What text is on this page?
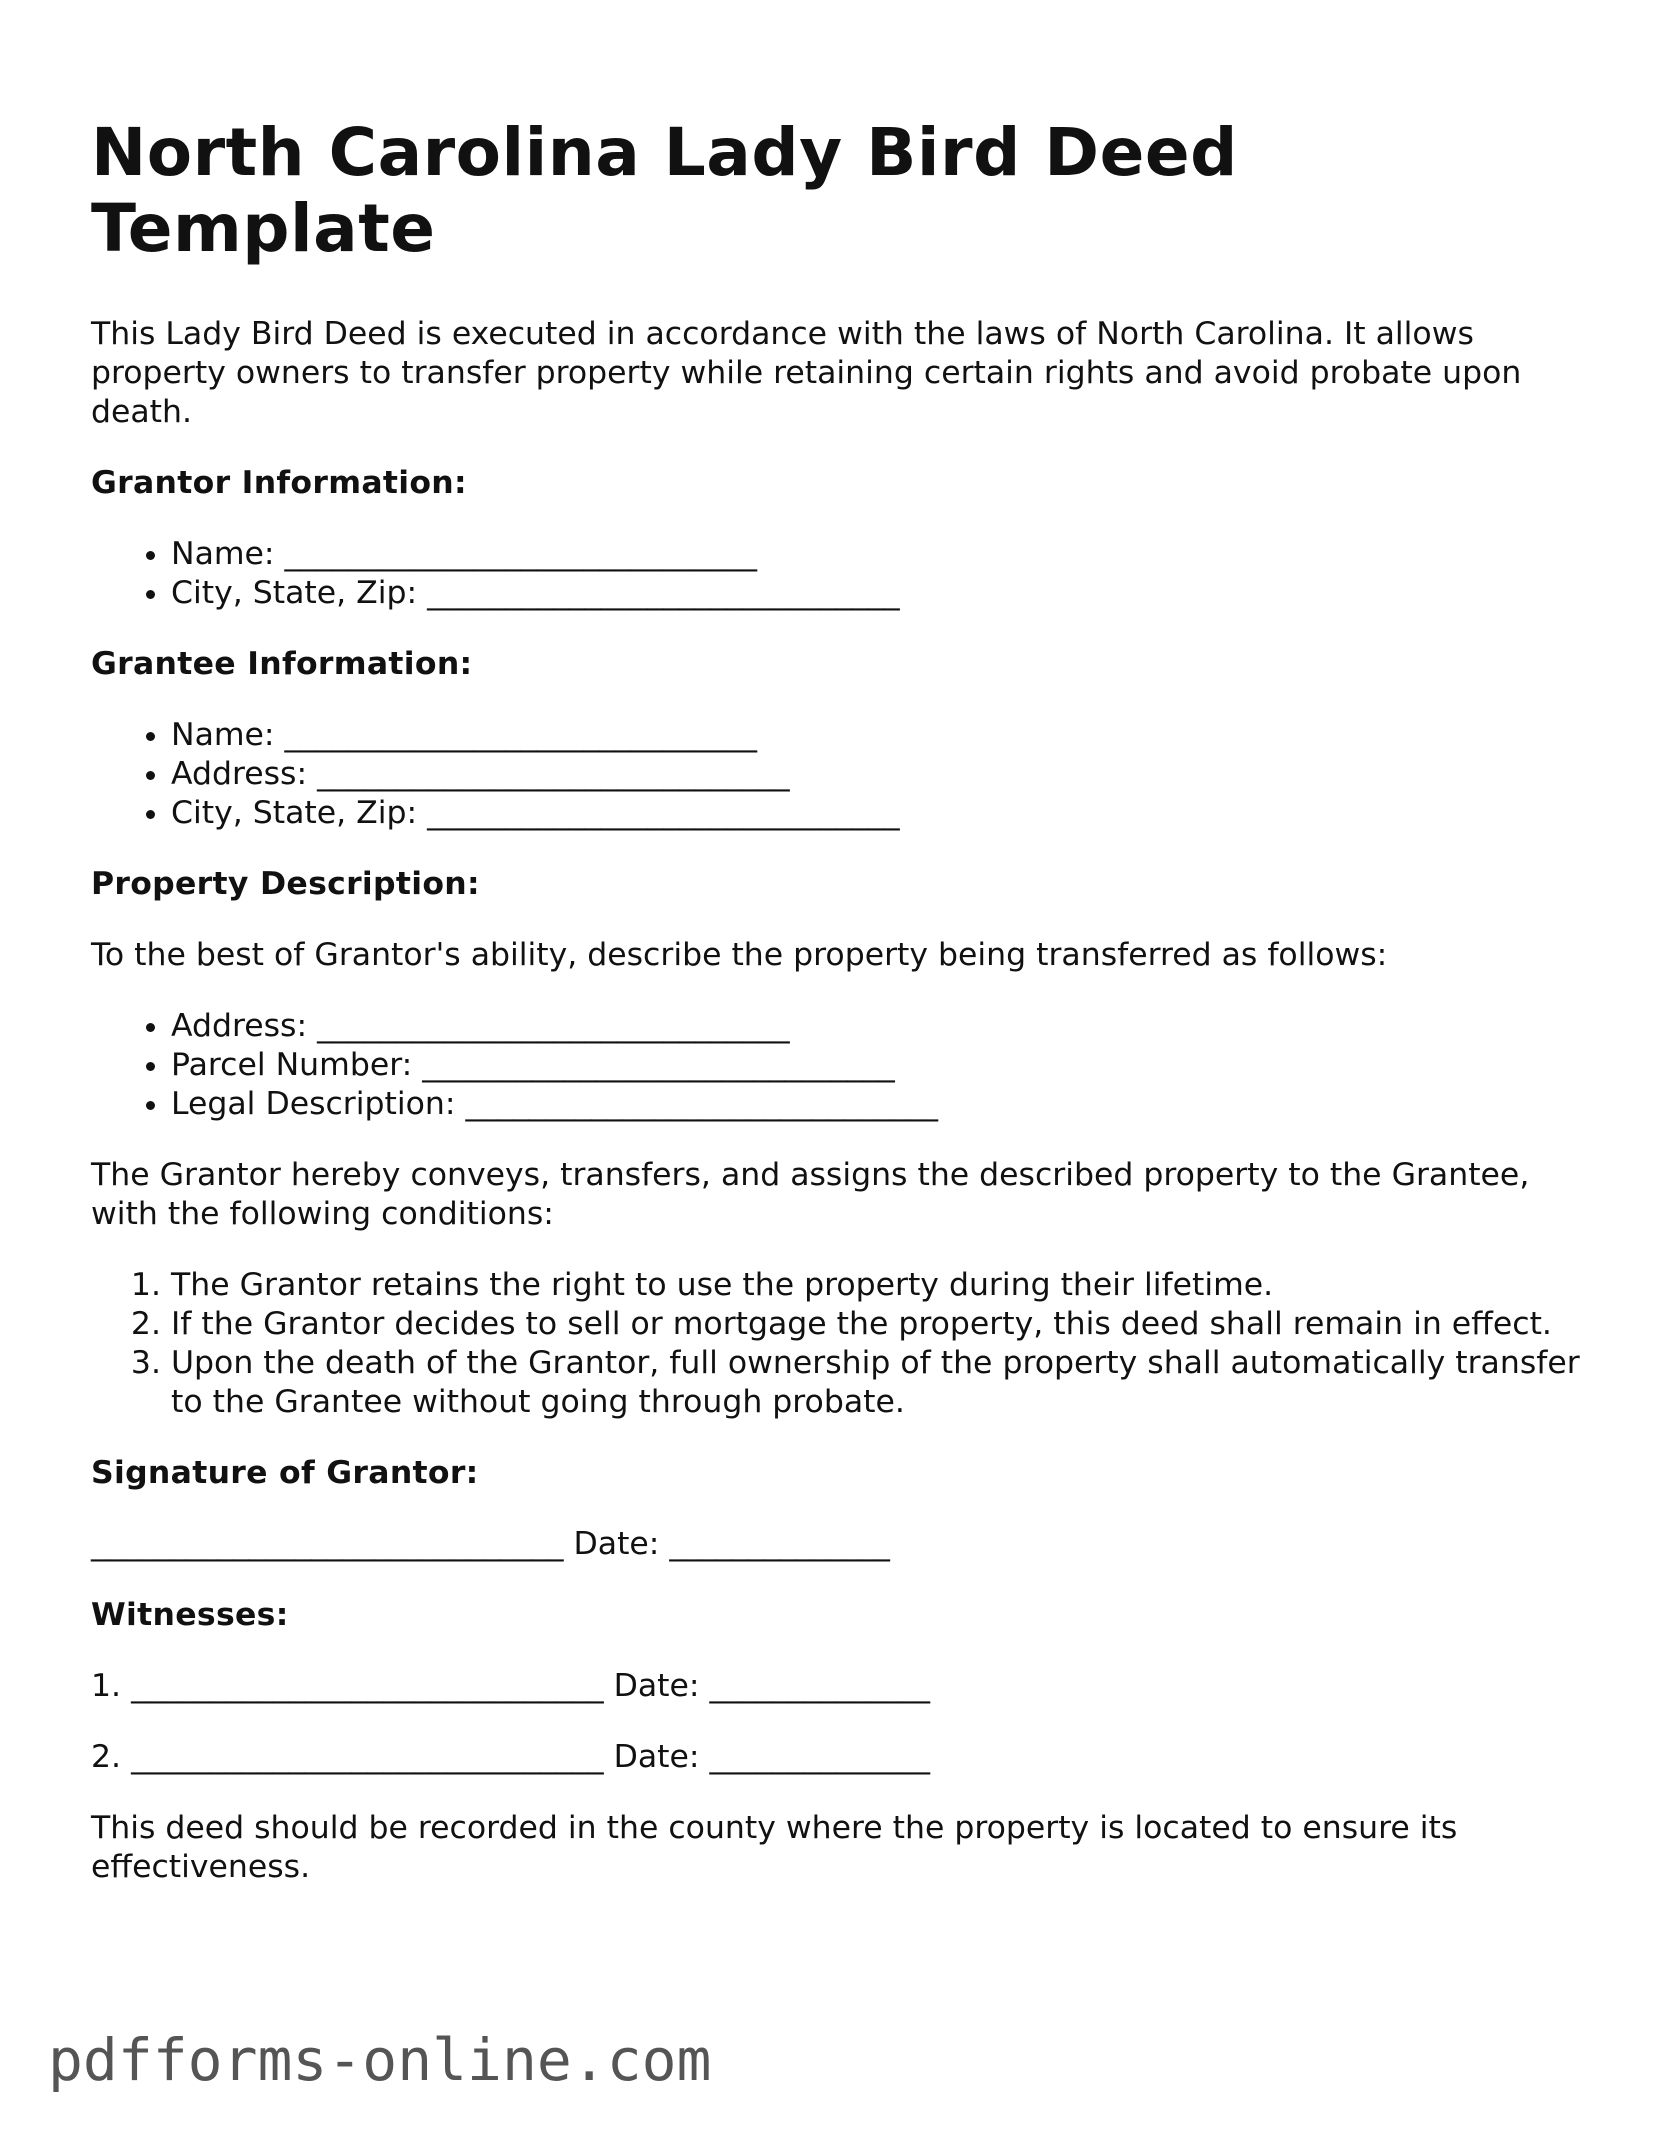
North Carolina Lady Bird Deed Template

This Lady Bird Deed is executed in accordance with the laws of North Carolina. It allows property owners to transfer property while retaining certain rights and avoid probate upon death.

Grantor Information:
• Name: ______________________________
• City, State, Zip: ______________________________
Grantee Information:
• Name: ______________________________
• Address: ______________________________
• City, State, Zip: ______________________________
Property Description:

To the best of Grantor's ability, describe the property being transferred as follows:

• Address: ______________________________
• Parcel Number: ______________________________
• Legal Description: ______________________________

The Grantor hereby conveys, transfers, and assigns the described property to the Grantee, with the following conditions:

1. The Grantor retains the right to use the property during their lifetime.
2. If the Grantor decides to sell or mortgage the property, this deed shall remain in effect.
3. Upon the death of the Grantor, full ownership of the property shall automatically transfer to the Grantee without going through probate.
Signature of Grantor:
______________________________ Date: ______________
Witnesses:
1. ______________________________ Date: ______________
2. ______________________________ Date: ______________

This deed should be recorded in the county where the property is located to ensure its effectiveness.

pdfforms-online.com
